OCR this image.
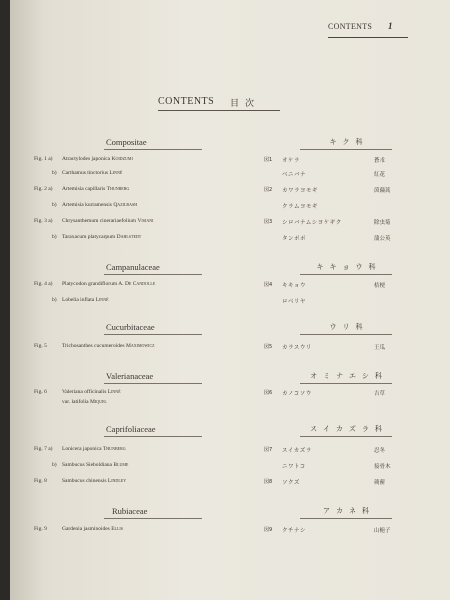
CONTENTS 1
CONTENTS 目次
Compositae	キク科
Fig. 1 a) Atractylodes japonica Koidzumi	図1 オケラ	蒼朮
b) Carthamus tinctorius Linné	ベニバナ	紅花
Fig. 2 a) Artemisia capillaris Thunberg	図2 カワラヨモギ	茵蔯蒿
b) Artemisia kurramensis Qazilbash	クラムヨモギ
Fig. 3 a) Chrysanthemum cinerariaefolium Visiani	図3 シロバナムシヨケギク	除虫菊
b) Taraxacum platycarpum Dahlstedt	タンポポ	蒲公英
Campanulaceae	キキョウ科
Fig. 4 a) Platycodon grandiflorum A. De Candolle	図4 キキョウ	桔梗
b) Lobelia inflata Linné	ロベリヤ
Cucurbitaceae	ウリ科
Fig. 5	Trichosanthes cucumeroides Maximowicz	図5 カラスウリ	王瓜
Valerianaceae	オミナエシ科
Fig. 6	Valeriana officinalis Linné	図6 カノコソウ	吉草
var. latifolia Miquel
Caprifoliaceae	スイカズラ科
Fig. 7 a) Lonicera japonica Thunberg	図7 スイカズラ	忍冬
b) Sambucus Sieboldiana Blume	ニワトコ	接骨木
Fig. 8	Sambucus chinensis Lindley	図8 ソクズ	蒴藋
Rubiaceae	アカネ科
Fig. 9	Gardenia jasminoides Ellis	図9 クチナシ	山梔子
